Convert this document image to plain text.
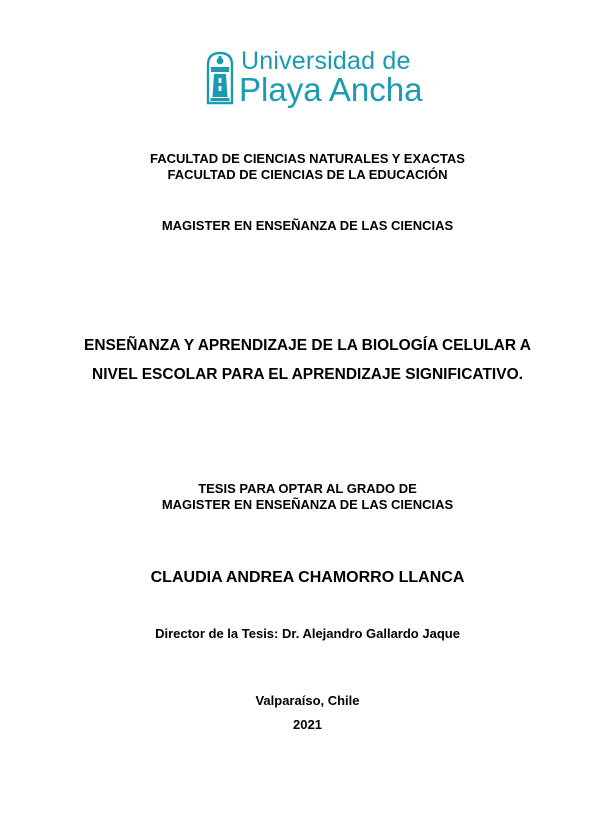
Universidad de
Playa Ancha
FACULTAD DE CIENCIAS NATURALES Y EXACTAS
FACULTAD DE CIENCIAS DE LA EDUCACIÓN
MAGISTER EN ENSEÑANZA DE LAS CIENCIAS
ENSEÑANZA Y APRENDIZAJE DE LA BIOLOGÍA CELULAR A
NIVEL ESCOLAR PARA EL APRENDIZAJE SIGNIFICATIVO.
TESIS PARA OPTAR AL GRADO DE
MAGISTER EN ENSEÑANZA DE LAS CIENCIAS
CLAUDIA ANDREA CHAMORRO LLANCA
Director de la Tesis: Dr. Alejandro Gallardo Jaque
Valparaíso, Chile
2021
